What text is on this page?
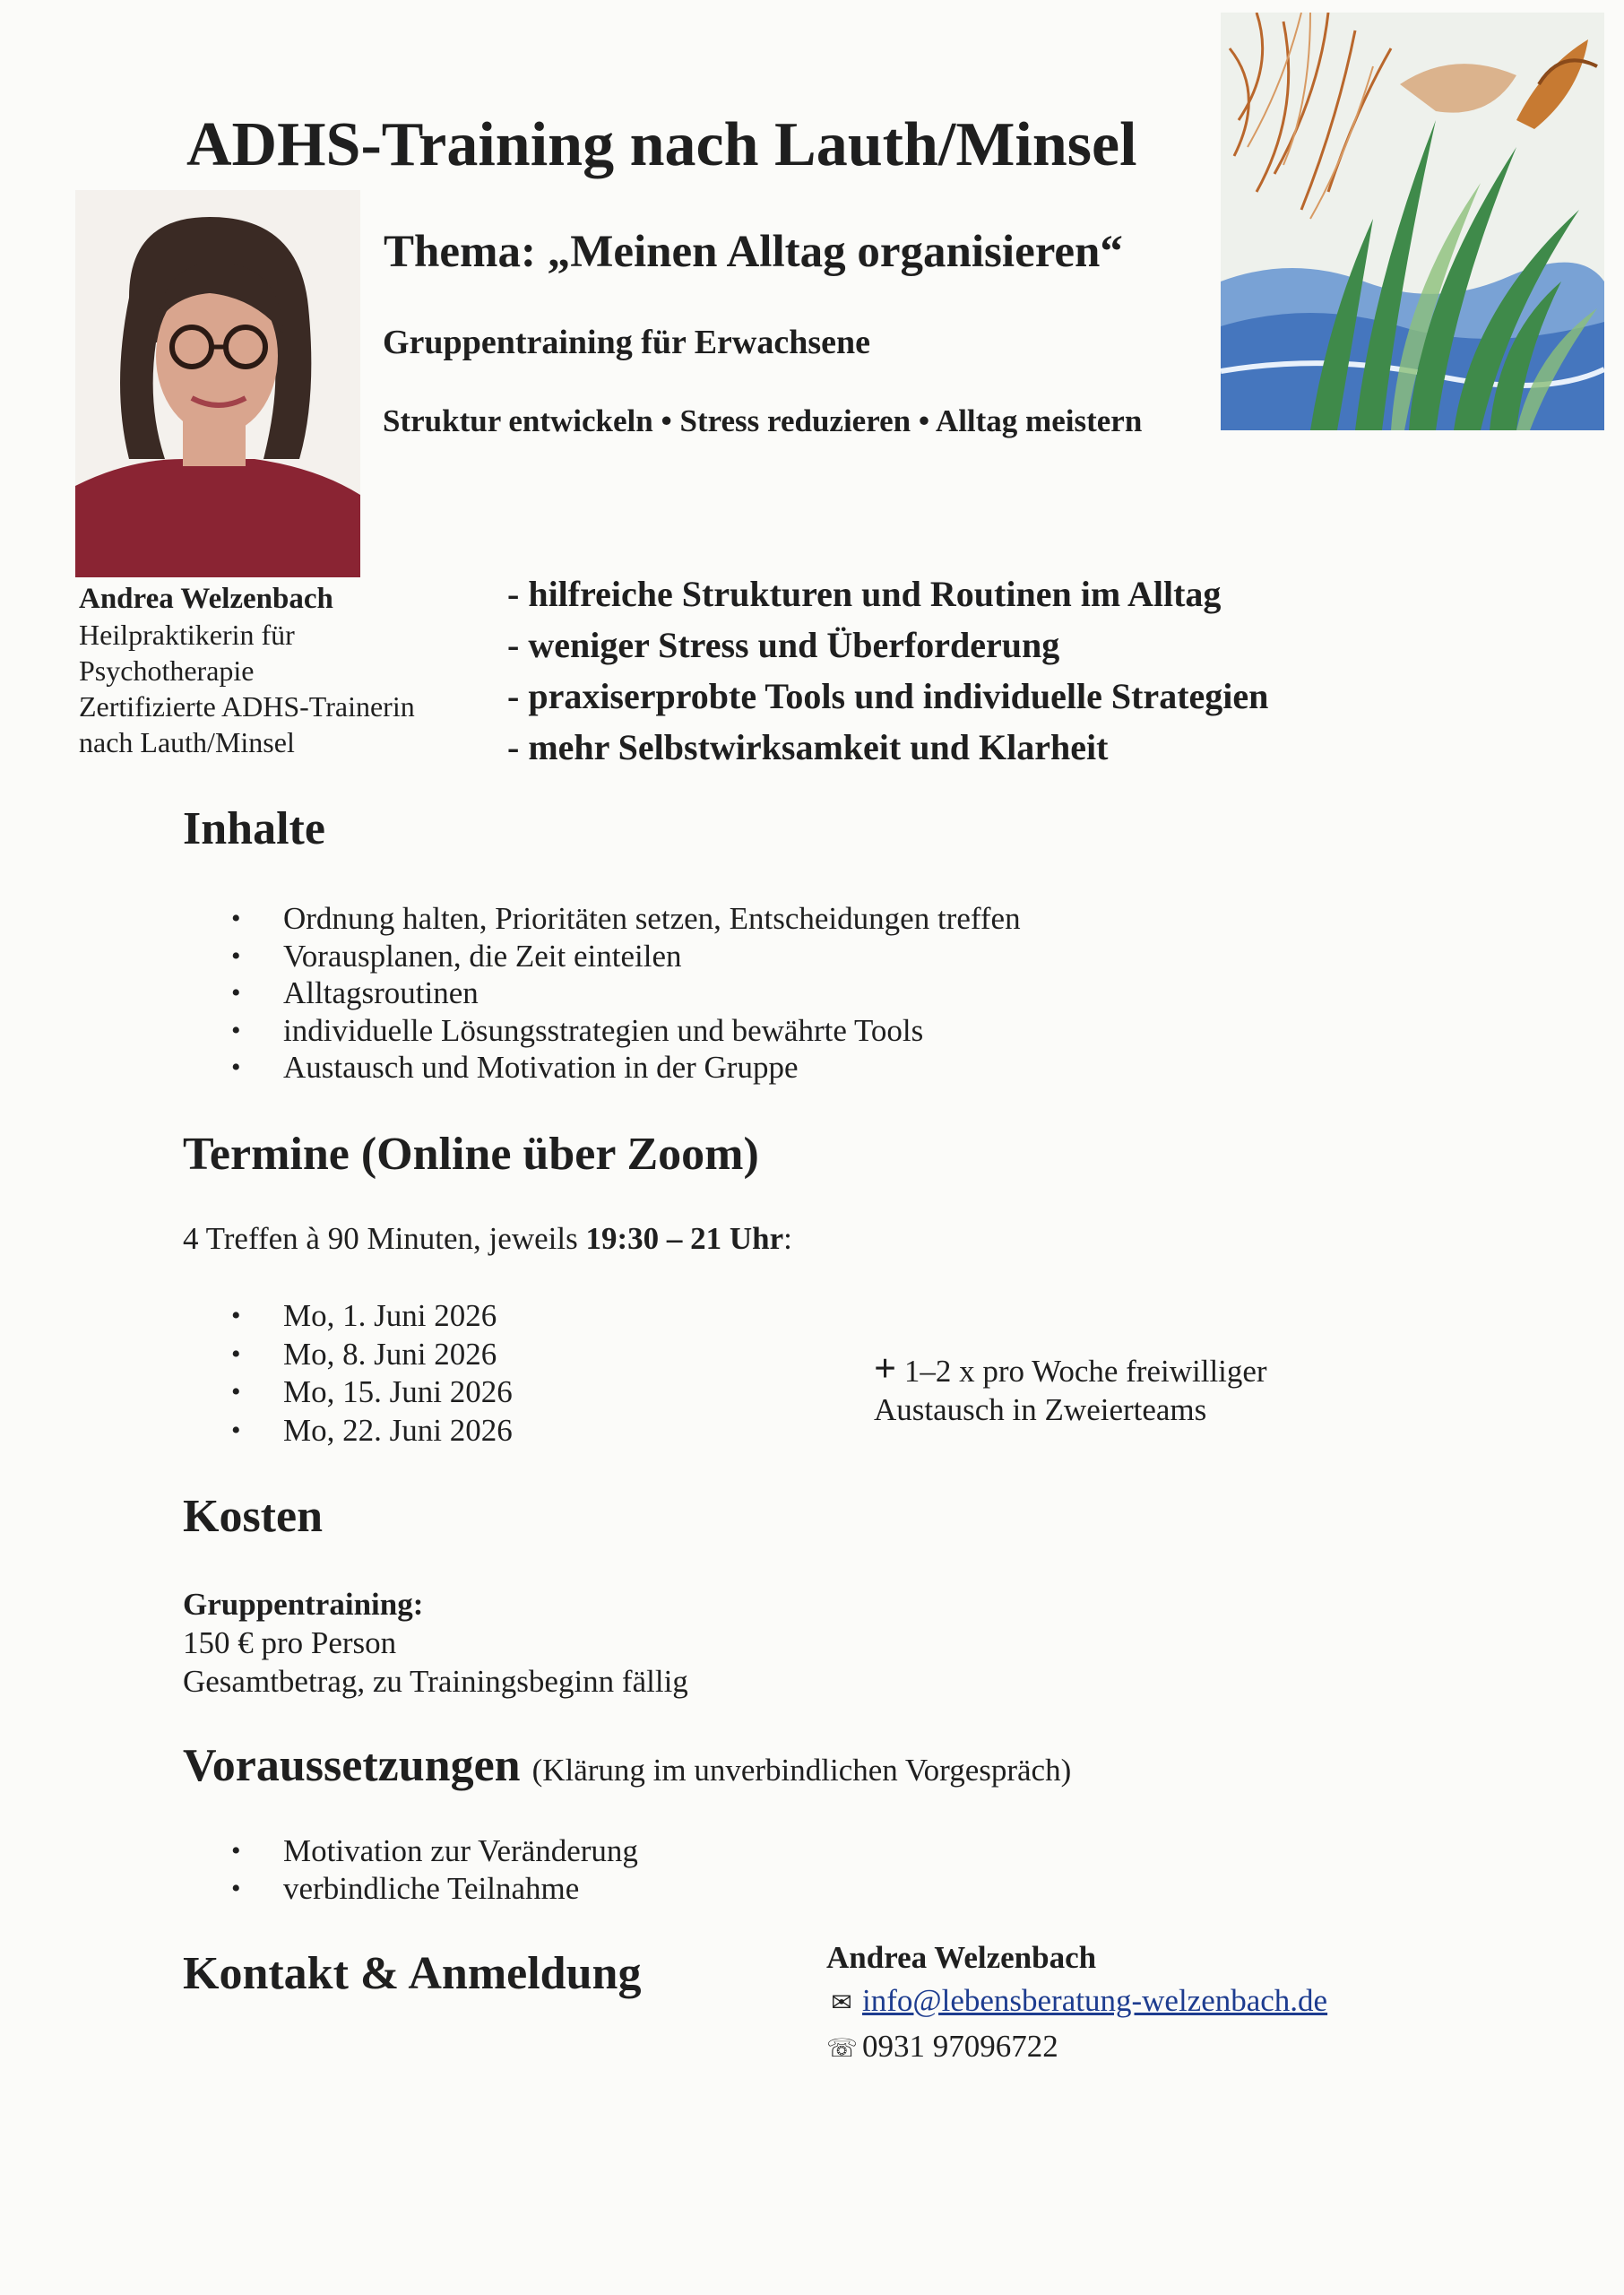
ADHS-Training nach Lauth/Minsel
Thema: „Meinen Alltag organisieren“
Gruppentraining für Erwachsene
Struktur entwickeln • Stress reduzieren • Alltag meistern
Andrea Welzenbach
Heilpraktikerin für
Psychotherapie
Zertifizierte ADHS-Trainerin
nach Lauth/Minsel
- hilfreiche Strukturen und Routinen im Alltag
- weniger Stress und Überforderung
- praxiserprobte Tools und individuelle Strategien
- mehr Selbstwirksamkeit und Klarheit
Inhalte
• Ordnung halten, Prioritäten setzen, Entscheidungen treffen
• Vorausplanen, die Zeit einteilen
• Alltagsroutinen
• individuelle Lösungsstrategien und bewährte Tools
• Austausch und Motivation in der Gruppe
Termine (Online über Zoom)
4 Treffen à 90 Minuten, jeweils 19:30 – 21 Uhr:
• Mo, 1. Juni 2026
• Mo, 8. Juni 2026
• Mo, 15. Juni 2026
• Mo, 22. Juni 2026
+ 1–2 x pro Woche freiwilliger
Austausch in Zweierteams
Kosten
Gruppentraining:
150 € pro Person
Gesamtbetrag, zu Trainingsbeginn fällig
Voraussetzungen (Klärung im unverbindlichen Vorgespräch)
• Motivation zur Veränderung
• verbindliche Teilnahme
Kontakt & Anmeldung	Andrea Welzenbach
✉ info@lebensberatung-welzenbach.de
☏ 0931 97096722
